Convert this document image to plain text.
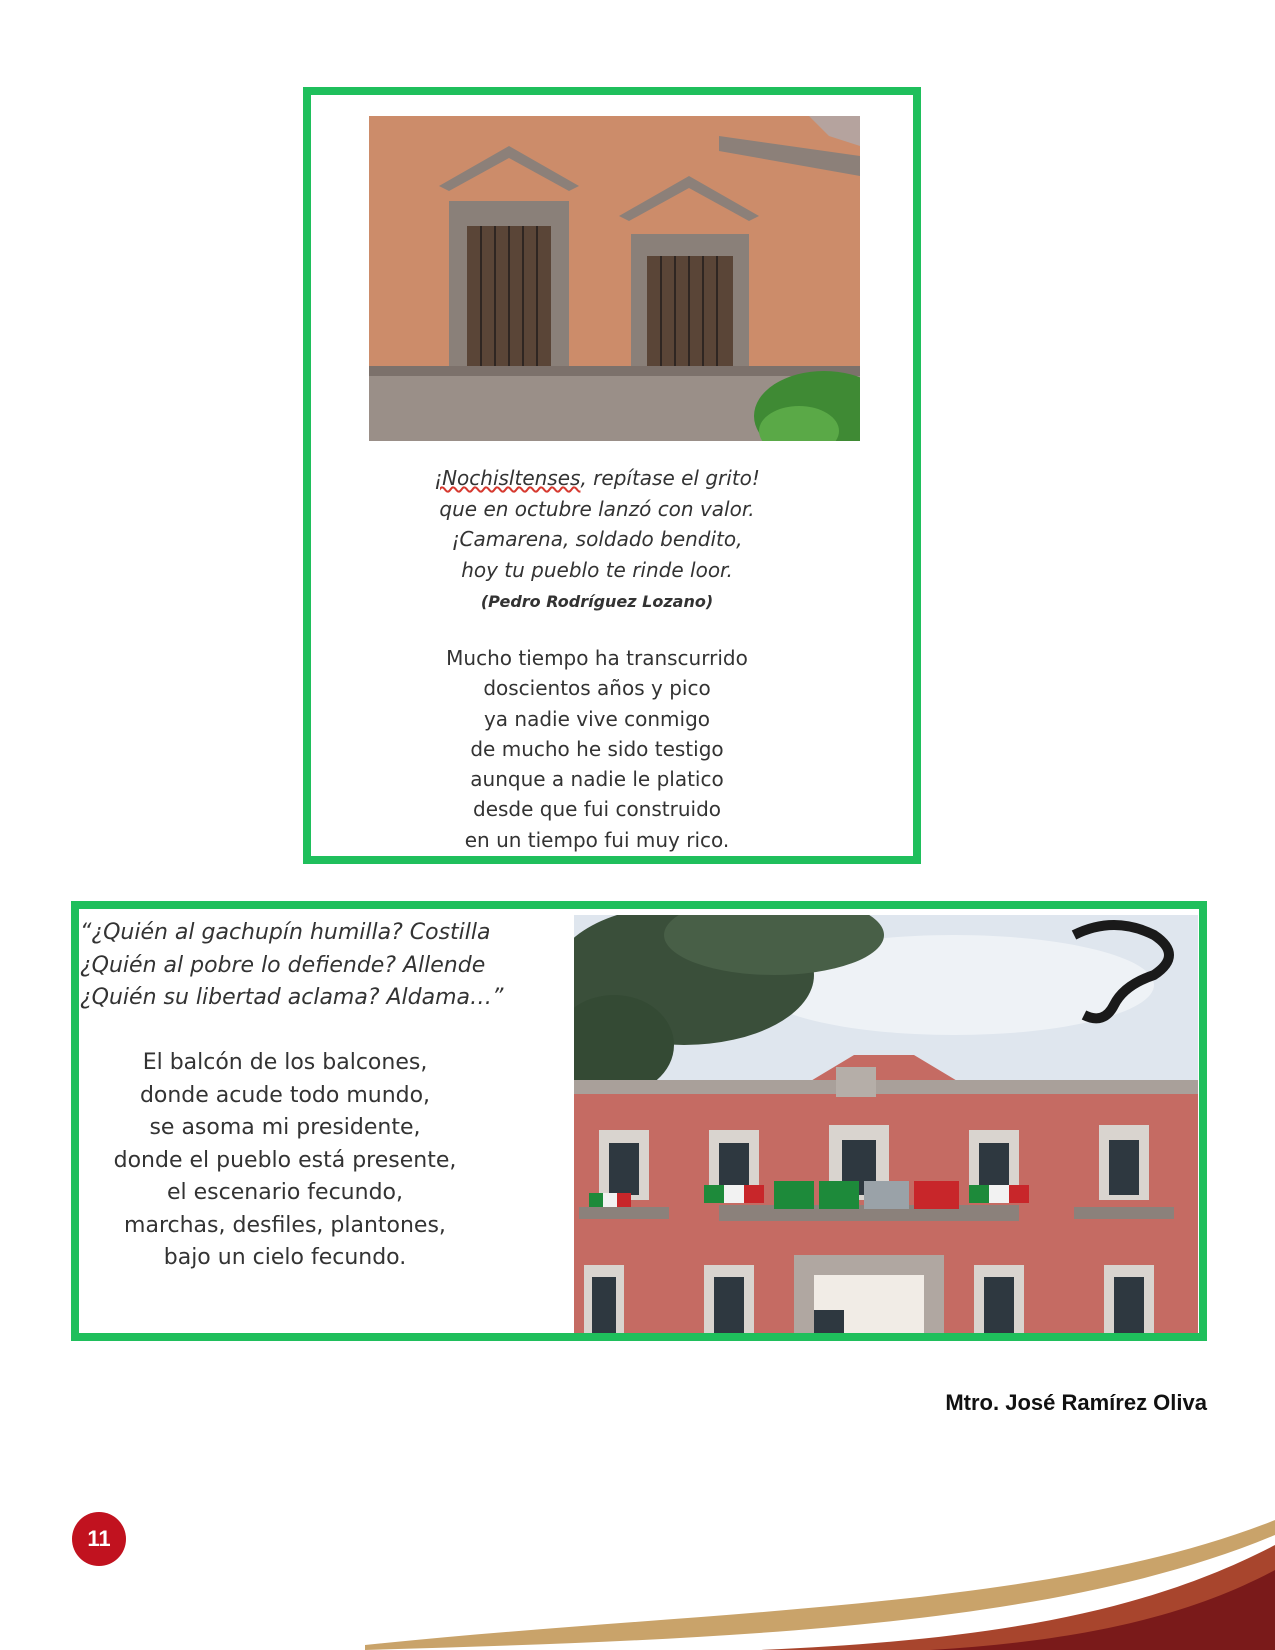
¡Nochisltenses, repítase el grito!
que en octubre lanzó con valor.
¡Camarena, soldado bendito,
hoy tu pueblo te rinde loor.
(Pedro Rodríguez Lozano)
Mucho tiempo ha transcurrido
doscientos años y pico
ya nadie vive conmigo
de mucho he sido testigo
aunque a nadie le platico
desde que fui construido
en un tiempo fui muy rico.
“¿Quién al gachupín humilla? Costilla
¿Quién al pobre lo defiende? Allende
¿Quién su libertad aclama? Aldama…”
El balcón de los balcones,
donde acude todo mundo,
se asoma mi presidente,
donde el pueblo está presente,
el escenario fecundo,
marchas, desfiles, plantones,
bajo un cielo fecundo.
Mtro. José Ramírez Oliva
11
